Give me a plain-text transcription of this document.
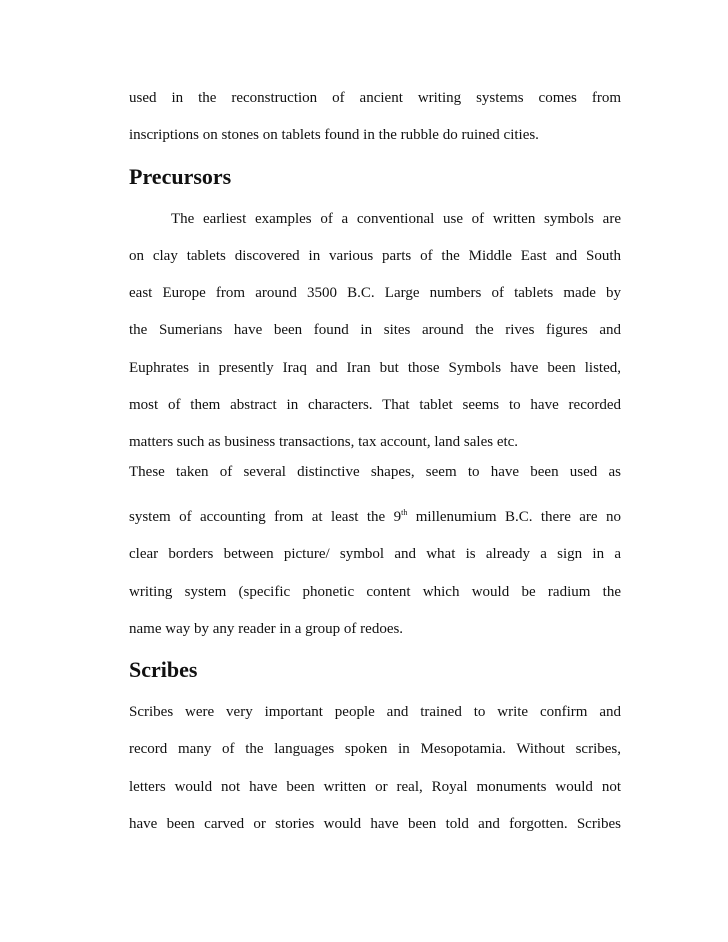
used in the reconstruction of ancient writing systems comes from
inscriptions on stones on tablets found in the rubble do ruined cities.
Precursors
The earliest examples of a conventional use of written symbols are
on clay tablets discovered in various parts of the Middle East and South
east Europe from around 3500 B.C. Large numbers of tablets made by
the Sumerians have been found in sites around the rives figures and
Euphrates in presently Iraq and Iran but those Symbols have been listed,
most of them abstract in characters. That tablet seems to have recorded
matters such as business transactions, tax account, land sales etc.
These taken of several distinctive shapes, seem to have been used as
system of accounting from at least the 9th millenumium B.C. there are no
clear borders between picture/ symbol and what is already a sign in a
writing system (specific phonetic content which would be radium the
name way by any reader in a group of redoes.
Scribes
Scribes were very important people and trained to write confirm and
record many of the languages spoken in Mesopotamia. Without scribes,
letters would not have been written or real, Royal monuments would not
have been carved or stories would have been told and forgotten. Scribes
